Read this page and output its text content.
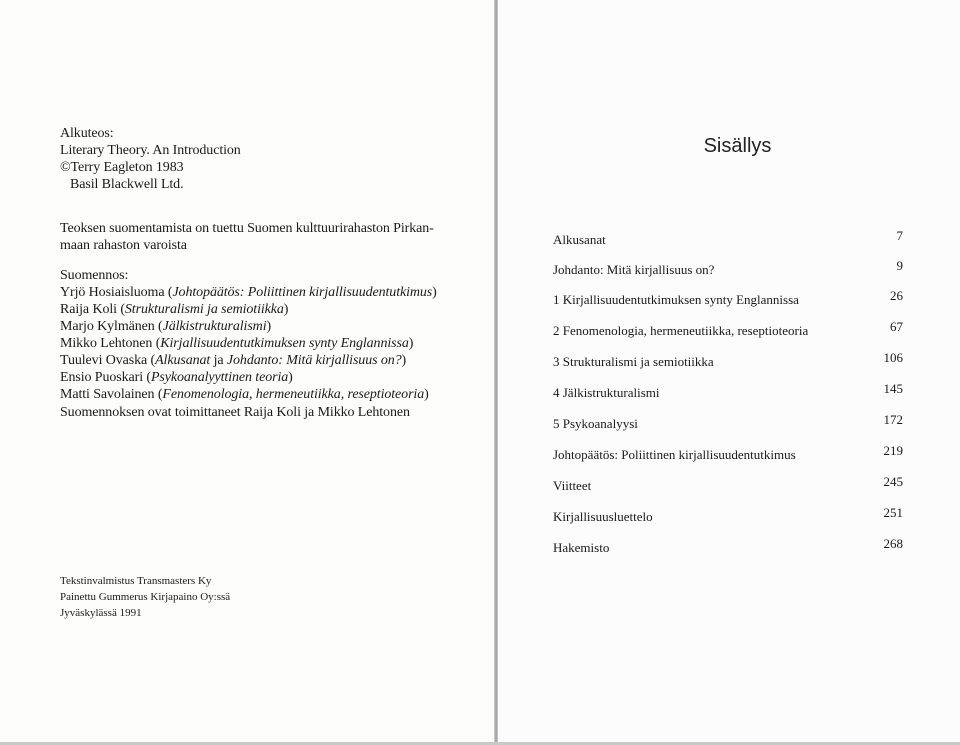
Alkuteos:
Literary Theory. An Introduction
©Terry Eagleton 1983
Basil Blackwell Ltd.
Teoksen suomentamista on tuettu Suomen kulttuurirahaston Pirkan-
maan rahaston varoista
Suomennos:
Yrjö Hosiaisluoma (Johtopäätös: Poliittinen kirjallisuudentutkimus)
Raija Koli (Strukturalismi ja semiotiikka)
Marjo Kylmänen (Jälkistrukturalismi)
Mikko Lehtonen (Kirjallisuudentutkimuksen synty Englannissa)
Tuulevi Ovaska (Alkusanat ja Johdanto: Mitä kirjallisuus on?)
Ensio Puoskari (Psykoanalyyttinen teoria)
Matti Savolainen (Fenomenologia, hermeneutiikka, reseptioteoria)
Suomennoksen ovat toimittaneet Raija Koli ja Mikko Lehtonen
Tekstinvalmistus Transmasters Ky
Painettu Gummerus Kirjapaino Oy:ssä
Jyväskylässä 1991
Sisällys
Alkusanat	7
Johdanto: Mitä kirjallisuus on?	9
1 Kirjallisuudentutkimuksen synty Englannissa	26
2 Fenomenologia, hermeneutiikka, reseptioteoria	67
3 Strukturalismi ja semiotiikka	106
4 Jälkistrukturalismi	145
5 Psykoanalyysi	172
Johtopäätös: Poliittinen kirjallisuudentutkimus	219
Viitteet	245
Kirjallisuusluettelo	251
Hakemisto	268
